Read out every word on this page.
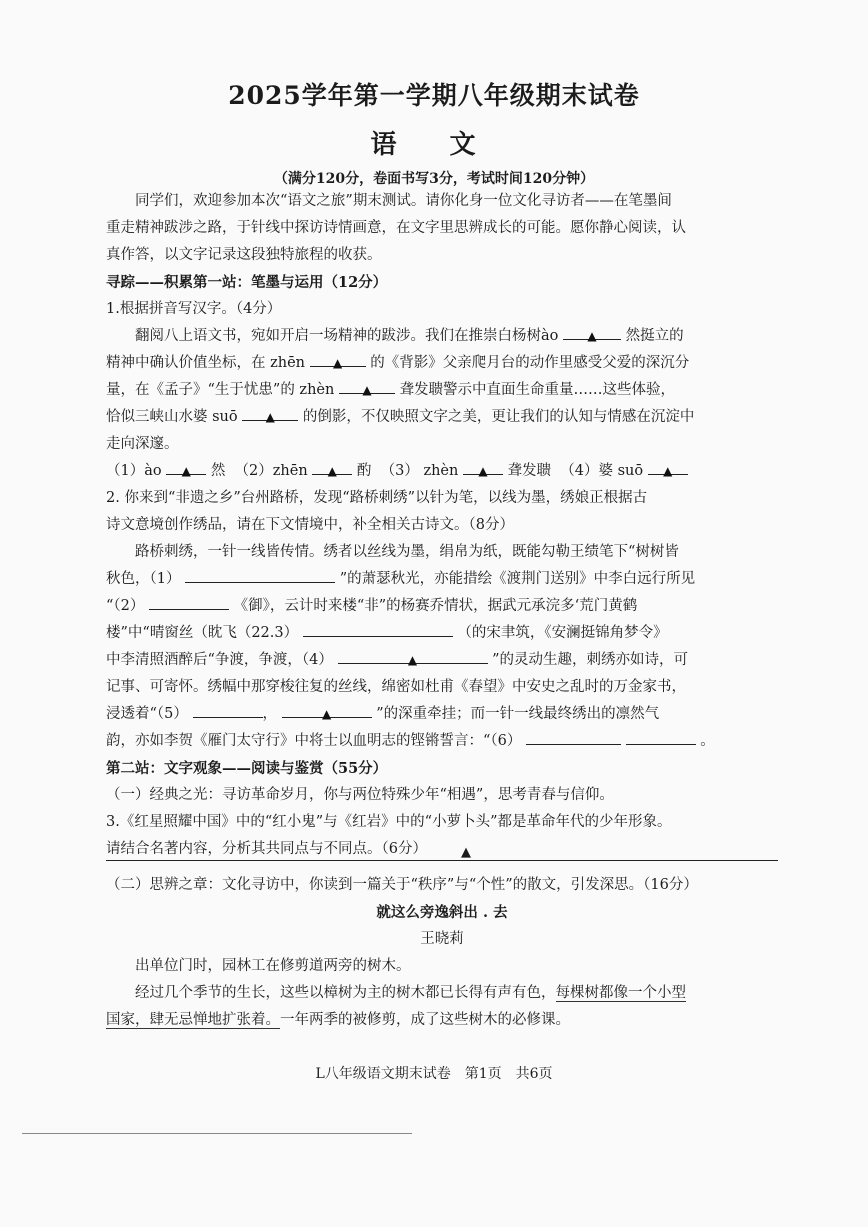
2025学年第一学期八年级期末试卷
语 文
（满分120分，卷面书写3分，考试时间120分钟）
同学们，欢迎参加本次“语文之旅”期末测试。请你化身一位文化寻访者——在笔墨间
重走精神跋涉之路，于针线中探访诗情画意，在文字里思辨成长的可能。愿你静心阅读，认
真作答，以文字记录这段独特旅程的收获。
寻踪——积累第一站：笔墨与运用（12分）
1.根据拼音写汉字。（4分）
翻阅八上语文书，宛如开启一场精神的跋涉。我们在推崇白杨树ào ▲ 然挺立的
精神中确认价值坐标，在 zhēn ▲ 的《背影》父亲爬月台的动作里感受父爱的深沉分
量，在《孟子》“生于忧患”的 zhèn ▲ 聋发聩警示中直面生命重量……这些体验，
恰似三峡山水婆 suō ▲ 的倒影，不仅映照文字之美，更让我们的认知与情感在沉淀中
走向深邃。
（1）ào ▲ 然 （2）zhēn ▲ 酌 （3） zhèn ▲ 聋发聩 （4）婆 suō ▲
2. 你来到“非遗之乡”台州路桥，发现“路桥刺绣”以针为笔，以线为墨，绣娘正根据古
诗文意境创作绣品，请在下文情境中，补全相关古诗文。（8分）
路桥刺绣，一针一线皆传情。绣者以丝线为墨，绢帛为纸，既能勾勒王绩笔下“树树皆
秋色，（1）	”的萧瑟秋光，亦能措绘《渡荆门送别》中李白远行所见
“（2）	《御》，云计时来楼“非”的杨赛乔情状，据武元承浣多‘荒门黄鹤
楼”中“晴窗丝（眈飞（22.3）	（的宋聿筑，《安澜挺锦角梦令》
中李清照酒醉后“争渡，争渡，（4）	▲	”的灵动生趣，刺绣亦如诗，可
记事、可寄怀。绣幅中那穿梭往复的丝线，绵密如杜甫《春望》中安史之乱时的万金家书，
浸透着“（5）	，	▲	”的深重牵挂；而一针一线最终绣出的凛然气
韵，亦如李贺《雁门太守行》中将士以血明志的铿锵誓言：“（6）	。
第二站：文字观象——阅读与鉴赏（55分）
（一）经典之光：寻访革命岁月，你与两位特殊少年“相遇”，思考青春与信仰。
3.《红星照耀中国》中的“红小鬼”与《红岩》中的“小萝卜头”都是革命年代的少年形象。
请结合名著内容，分析其共同点与不同点。（6分）	▲
（二）思辨之章：文化寻访中，你读到一篇关于“秩序”与“个性”的散文，引发深思。（16分）
就这么旁逸斜出 . 去
王晓莉
出单位门时，园林工在修剪道两旁的树木。
经过几个季节的生长，这些以樟树为主的树木都已长得有声有色，每棵树都像一个小型
国家，肆无忌惮地扩张着。一年两季的被修剪，成了这些树木的必修课。
L八年级语文期末试卷　第1页　共6页
